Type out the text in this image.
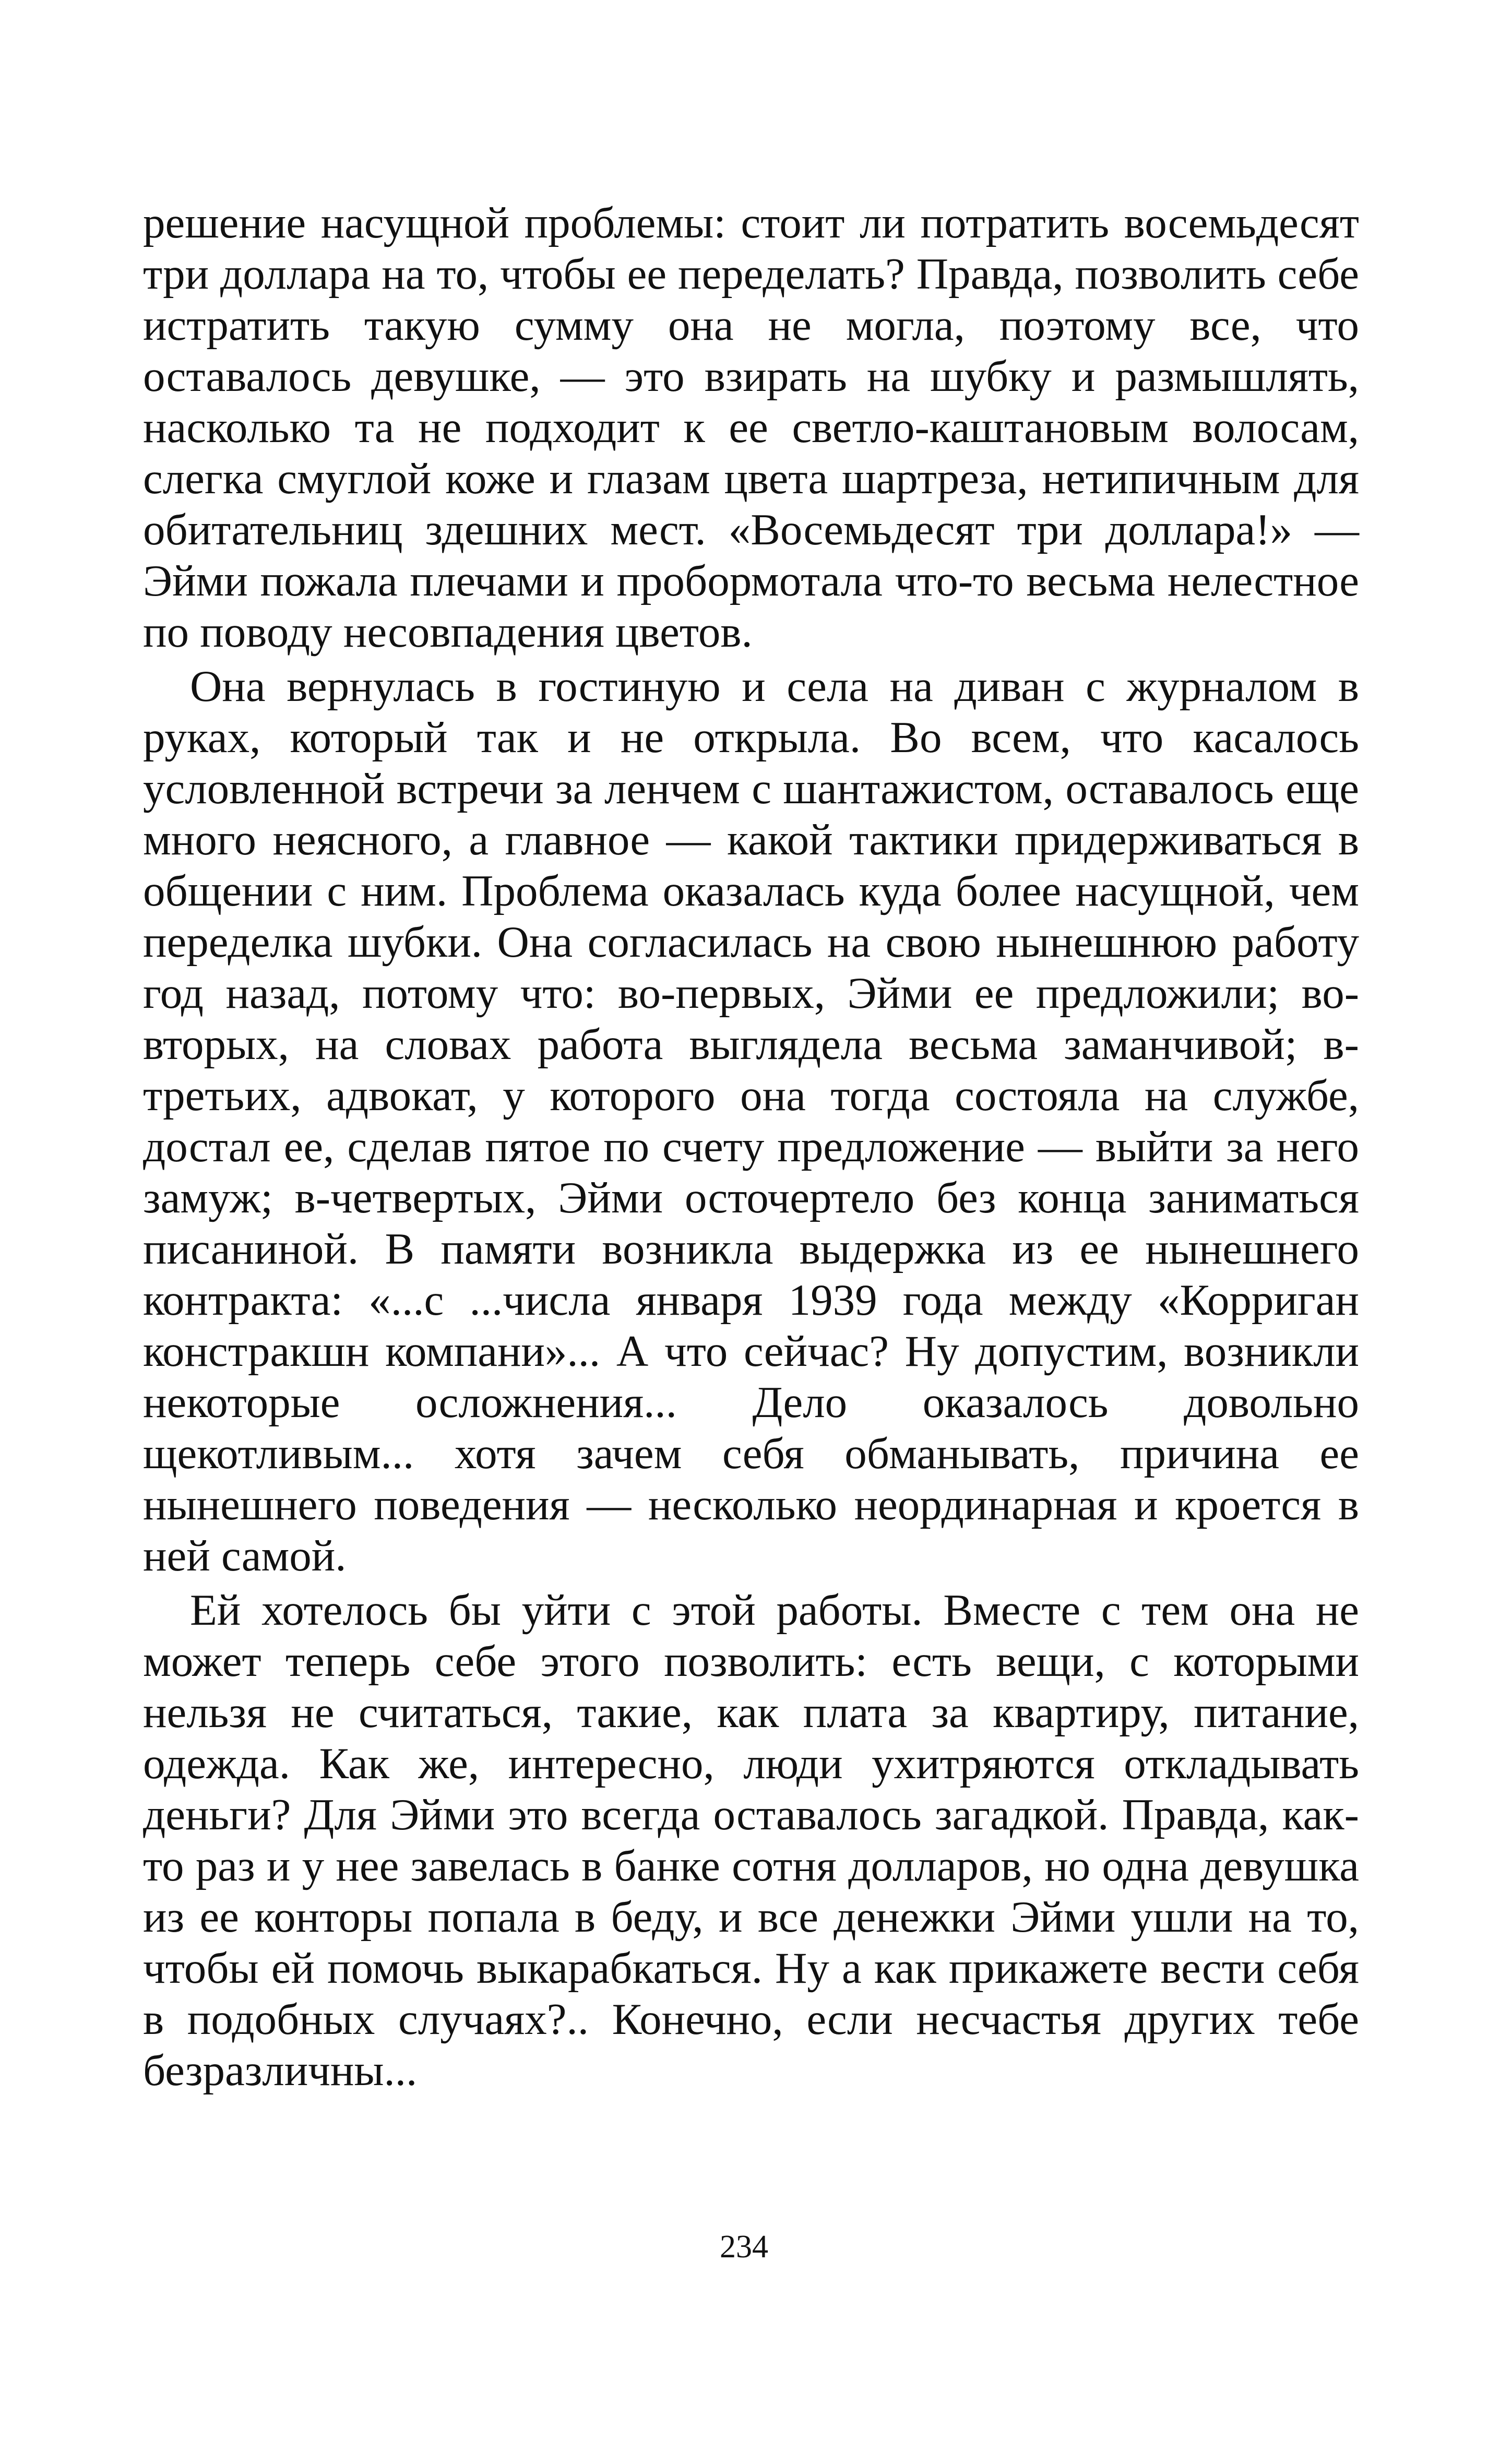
решение насущной проблемы: стоит ли потратить восемьдесят три доллара на то, чтобы ее переделать? Правда, позволить себе истратить такую сумму она не могла, поэтому все, что оставалось девушке, — это взирать на шубку и размышлять, насколько та не подходит к ее светло-каштановым волосам, слегка смуглой коже и глазам цвета шартреза, нетипичным для обитательниц здешних мест. «Восемьдесят три доллара!» — Эйми пожала плечами и пробормотала что-то весьма нелестное по поводу несовпадения цветов.

Она вернулась в гостиную и села на диван с журналом в руках, который так и не открыла. Во всем, что касалось условленной встречи за ленчем с шантажистом, оставалось еще много неясного, а главное — какой тактики придерживаться в общении с ним. Проблема оказалась куда более насущной, чем переделка шубки. Она согласилась на свою нынешнюю работу год назад, потому что: во-первых, Эйми ее предложили; во-вторых, на словах работа выглядела весьма заманчивой; в-третьих, адвокат, у которого она тогда состояла на службе, достал ее, сделав пятое по счету предложение — выйти за него замуж; в-четвертых, Эйми осточертело без конца заниматься писаниной. В памяти возникла выдержка из ее нынешнего контракта: «...с ...числа января 1939 года между «Корриган констракшн компани»... А что сейчас? Ну допустим, возникли некоторые осложнения... Дело оказалось довольно щекотливым... хотя зачем себя обманывать, причина ее нынешнего поведения — несколько неординарная и кроется в ней самой.

Ей хотелось бы уйти с этой работы. Вместе с тем она не может теперь себе этого позволить: есть вещи, с которыми нельзя не считаться, такие, как плата за квартиру, питание, одежда. Как же, интересно, люди ухитряются откладывать деньги? Для Эйми это всегда оставалось загадкой. Правда, как-то раз и у нее завелась в банке сотня долларов, но одна девушка из ее конторы попала в беду, и все денежки Эйми ушли на то, чтобы ей помочь выкарабкаться. Ну а как прикажете вести себя в подобных случаях?.. Конечно, если несчастья других тебе безразличны...

234
